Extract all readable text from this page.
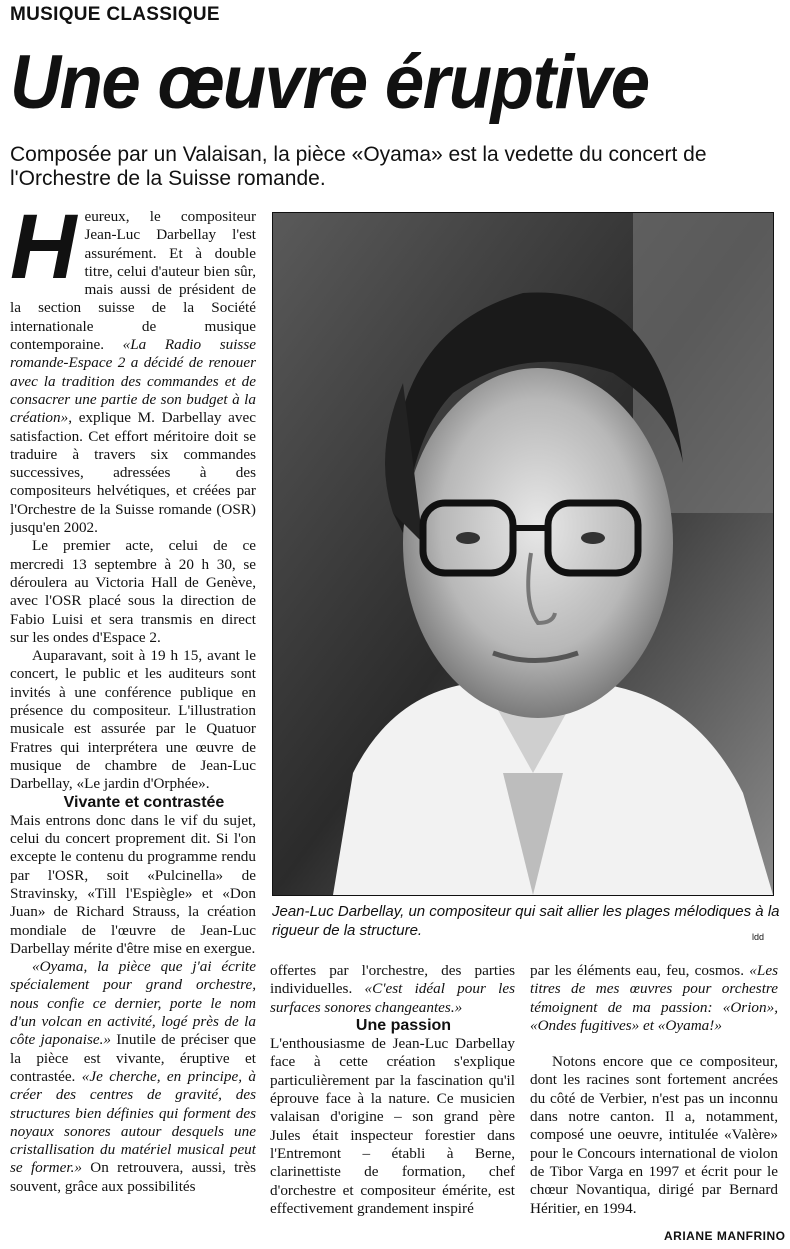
MUSIQUE CLASSIQUE
Une œuvre éruptive
Composée par un Valaisan, la pièce «Oyama» est la vedette du concert de l'Orchestre de la Suisse romande.

Heureux, le compositeur Jean-Luc Darbellay l'est assurément. Et à double titre, celui d'auteur bien sûr, mais aussi de président de la section suisse de la Société internationale de musique contemporaine. «La Radio suisse romande-Espace 2 a décidé de renouer avec la tradition des commandes et de consacrer une partie de son budget à la création», explique M. Darbellay avec satisfaction. Cet effort méritoire doit se traduire à travers six commandes successives, adressées à des compositeurs helvétiques, et créées par l'Orchestre de la Suisse romande (OSR) jusqu'en 2002.

Le premier acte, celui de ce mercredi 13 septembre à 20 h 30, se déroulera au Victoria Hall de Genève, avec l'OSR placé sous la direction de Fabio Luisi et sera transmis en direct sur les ondes d'Espace 2.

Auparavant, soit à 19 h 15, avant le concert, le public et les auditeurs sont invités à une conférence publique en présence du compositeur. L'illustration musicale est assurée par le Quatuor Fratres qui interprétera une œuvre de musique de chambre de Jean-Luc Darbellay, «Le jardin d'Orphée».

Vivante et contrastée

Mais entrons donc dans le vif du sujet, celui du concert proprement dit. Si l'on excepte le contenu du programme rendu par l'OSR, soit «Pulcinella» de Stravinsky, «Till l'Espiègle» et «Don Juan» de Richard Strauss, la création mondiale de l'œuvre de Jean-Luc Darbellay mérite d'être mise en exergue.

«Oyama, la pièce que j'ai écrite spécialement pour grand orchestre, nous confie ce dernier, porte le nom d'un volcan en activité, logé près de la côte japonaise.» Inutile de préciser que la pièce est vivante, éruptive et contrastée. «Je cherche, en principe, à créer des centres de gravité, des structures bien définies qui forment des noyaux sonores autour desquels une cristallisation du matériel musical peut se former.» On retrouvera, aussi, très souvent, grâce aux possibilités

Jean-Luc Darbellay, un compositeur qui sait allier les plages mélodiques à la rigueur de la structure.	ldd

offertes par l'orchestre, des parties individuelles. «C'est idéal pour les surfaces sonores changeantes.»

Une passion

L'enthousiasme de Jean-Luc Darbellay face à cette création s'explique particulièrement par la fascination qu'il éprouve face à la nature. Ce musicien valaisan d'origine – son grand père Jules était inspecteur forestier dans l'Entremont – établi à Berne, clarinettiste de formation, chef d'orchestre et compositeur émérite, est effectivement grandement inspiré

par les éléments eau, feu, cosmos. «Les titres de mes œuvres pour orchestre témoignent de ma passion: «Orion», «Ondes fugitives» et «Oyama!»

Notons encore que ce compositeur, dont les racines sont fortement ancrées du côté de Verbier, n'est pas un inconnu dans notre canton. Il a, notamment, composé une oeuvre, intitulée «Valère» pour le Concours international de violon de Tibor Varga en 1997 et écrit pour le chœur Novantiqua, dirigé par Bernard Héritier, en 1994.

ARIANE MANFRINO
